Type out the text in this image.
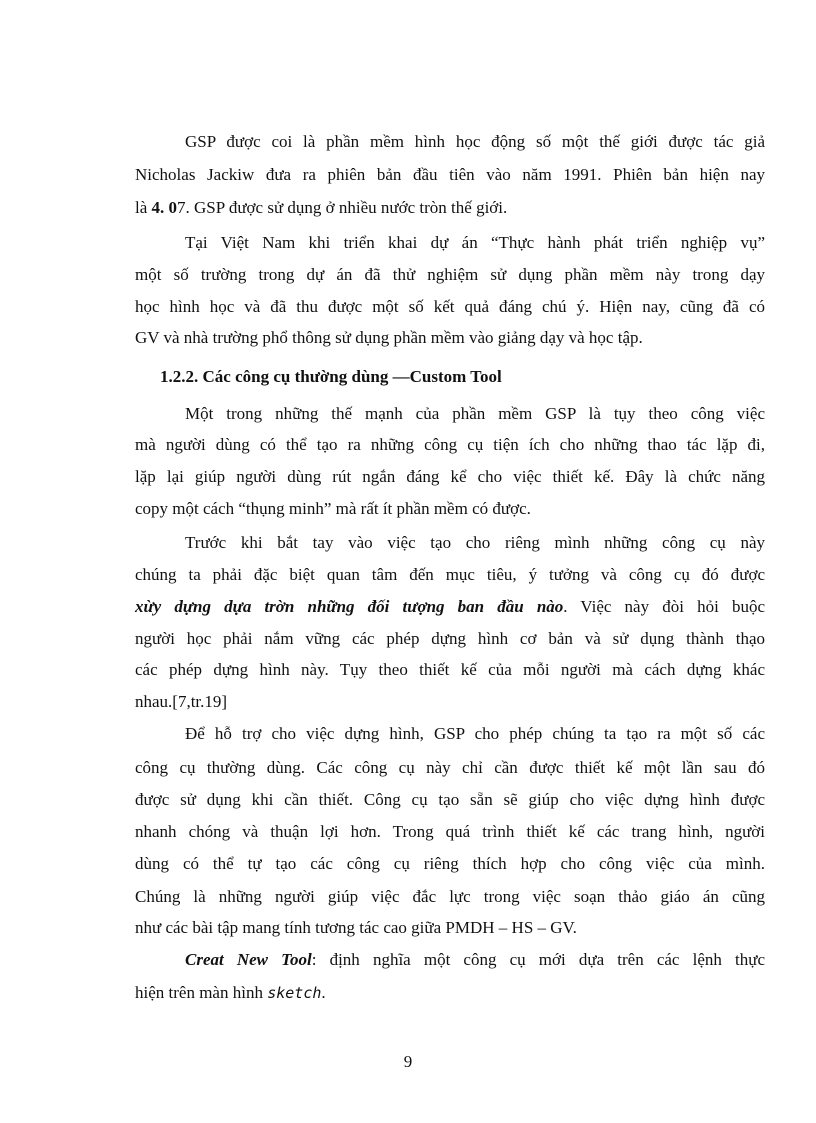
GSP được coi là phần mềm hình học động số một thế giới được tác giả
Nicholas Jackiw đưa ra phiên bản đầu tiên vào năm 1991. Phiên bản hiện nay
là 4. 07. GSP được sử dụng ở nhiều nước tròn thế giới.
Tại Việt Nam khi triển khai dự án “Thực hành phát triển nghiệp vụ”
một số trường trong dự án đã thử nghiệm sử dụng phần mềm này trong dạy
học hình học và đã thu được một số kết quả đáng chú ý. Hiện nay, cũng đã có
GV và nhà trường phổ thông sử dụng phần mềm vào giảng dạy và học tập.
1.2.2. Các công cụ thường dùng —Custom Tool
Một trong những thế mạnh của phần mềm GSP là tụy theo công việc
mà người dùng có thể tạo ra những công cụ tiện ích cho những thao tác lặp đi,
lặp lại giúp người dùng rút ngắn đáng kể cho việc thiết kế. Đây là chức năng
copy một cách “thụng minh” mà rất ít phần mềm có được.
Trước khi bắt tay vào việc tạo cho riêng mình những công cụ này
chúng ta phải đặc biệt quan tâm đến mục tiêu, ý tưởng và công cụ đó được
xừy dựng dựa trờn những đối tượng ban đầu nào. Việc này đòi hỏi buộc
người học phải nắm vững các phép dựng hình cơ bản và sử dụng thành thạo
các phép dựng hình này. Tụy theo thiết kế của mỗi người mà cách dựng khác
nhau.[7,tr.19]
Để hỗ trợ cho việc dựng hình, GSP cho phép chúng ta tạo ra một số các
công cụ thường dùng. Các công cụ này chỉ cần được thiết kế một lần sau đó
được sử dụng khi cần thiết. Công cụ tạo sẵn sẽ giúp cho việc dựng hình được
nhanh chóng và thuận lợi hơn. Trong quá trình thiết kế các trang hình, người
dùng có thể tự tạo các công cụ riêng thích hợp cho công việc của mình.
Chúng là những người giúp việc đắc lực trong việc soạn thảo giáo án cũng
như các bài tập mang tính tương tác cao giữa PMDH – HS – GV.
Creat New Tool: định nghĩa một công cụ mới dựa trên các lệnh thực
hiện trên màn hình sketch.
9
